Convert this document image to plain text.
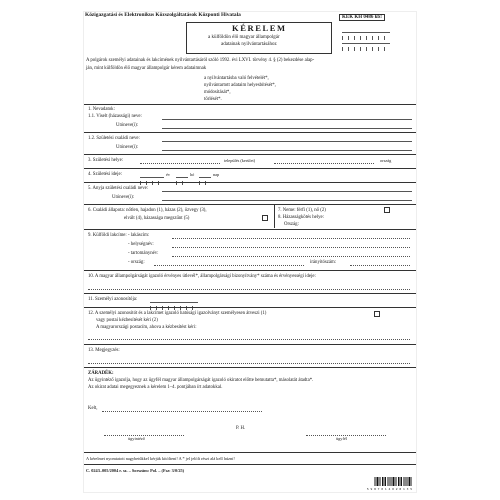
Közigazgatási és Elektronikus Közszolgáltatások Központi Hivatala
KÉRELEM
a külföldön élő magyar állampolgár
adatainak nyilvántartásához
KEK KH 0486 kb!
A polgárok személyi adatainak és lakcímének nyilvántartásáról szóló 1992. évi LXVI. törvény 4. § (2) bekezdése alap-
ján, mint külföldön élő magyar állampolgár kérem adataimnak
a nyilvántartásba való felvételét*,
nyilvántartott adataim helyesbítését*,
módosítását*,
törlését*.
1. Nevadatok:
1.1. Viselt (házassági) neve:
Utóneve(i):
1.2. Születési családi neve:
Utóneve(i):
3. Születési helye:	település (kerület)	ország
4. Születési ideje:	év	hó	nap
5. Anyja születési családi neve:
Utóneve(i):
6. Családi állapota: nőtlen, hajadon (1), házas (2), özvegy (3),
elvált (4), házassága megszűnt (5)
7. Neme: férfi (1), nő (2)
8. Házasságkötés helye:
Ország:
9. Külföldi lakcíme: - lakáscím:
- helységnév:
- tartománynév:
- ország:	irányítószám:
10. A magyar állampolgárságát igazoló érvényes útlevél*, állampolgársági bizonyítvány* száma és érvényességi ideje:
11. Személyi azonosítója:
12. A személyi azonosítót és a lakcímet igazoló hatósági igazolványt személyesen átveszi (1)
vagy postai kézbesítését kéri (2)
A magyarországi postacím, ahova a kézbesítést kéri:
13. Megjegyzés:
ZÁRADÉK:
Az ügyintéző igazolja, hogy az ügyfél magyar állampolgárságát igazoló okiratot előtte bemutatta*, másolatát átadta*.
Az okirat adatai megegyeznek a kérelem 1–4. pontjában írt adatokkal.
Kelt,
P. H.
ügyintéző	ügyfél
A kérelmet nyomtatott nagybetűkkel kérjük kitölteni! A * jel jelölt részt alá kell húzni!
C. 0243–005/2004 r. sz. – Sorszám: Pol. – (Fsz: 3/0/25)
5 9 8 7 0 1 4 0 2 8 1 3 5
